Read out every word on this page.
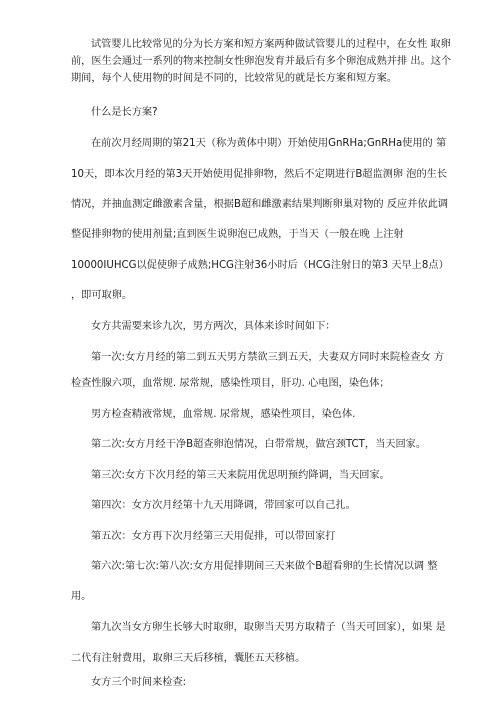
试管婴儿比较常见的分为长方案和短方案两种做试管婴儿的过程中，在女性 取卵
前，医生会通过一系列的物来控制女性卵泡发育并最后有多个卵泡成熟并排 出。这个
期间，每个人使用物的时间是不同的，比较常见的就是长方案和短方案。
什么是长方案?
在前次月经周期的第21天（称为黄体中期）开始使用GnRHa;GnRHa使用的 第
10天，即本次月经的第3天开始使用促排卵物，然后不定期进行B超监测卵 泡的生长
情况，并抽血测定雌激素含量，根据B超和雌激素结果判断卵巢对物的 反应并依此调
整促排卵物的使用剂量;直到医生说卵泡已成熟，于当天（一般在晚 上注射
10000IUHCG以促使卵子成熟;HCG注射36小时后（HCG注射日的第3 天早上8点）
，即可取卵。
女方共需要来诊九次，男方两次，具体来诊时间如下：
第一次:女方月经的第二到五天男方禁欲三到五天，夫妻双方同时来院检查女 方
检查性腺六项，血常规. 尿常规，感染性项目，肝功. 心电图，染色体；
男方检查精液常规，血常规. 尿常规，感染性项目，染色体.
第二次:女方月经干净B超查卵泡情况，白带常规，做宫颈TCT，当天回家。
第三次:女方下次月经的第三天来院用优思明预约降调，当天回家。
第四次：女方次月经第十九天用降调，带回家可以自己扎。
第五次：女方再下次月经第三天用促排，可以带回家打
第六次:第七次:第八次:女方用促排期间三天来做个B超看卵的生长情况以调 整
用。
第九次当女方卵生长够大时取卵，取卵当天男方取精子（当天可回家），如果 是
二代有注射费用，取卵三天后移植，囊胚五天移植。
女方三个时间来检查:
